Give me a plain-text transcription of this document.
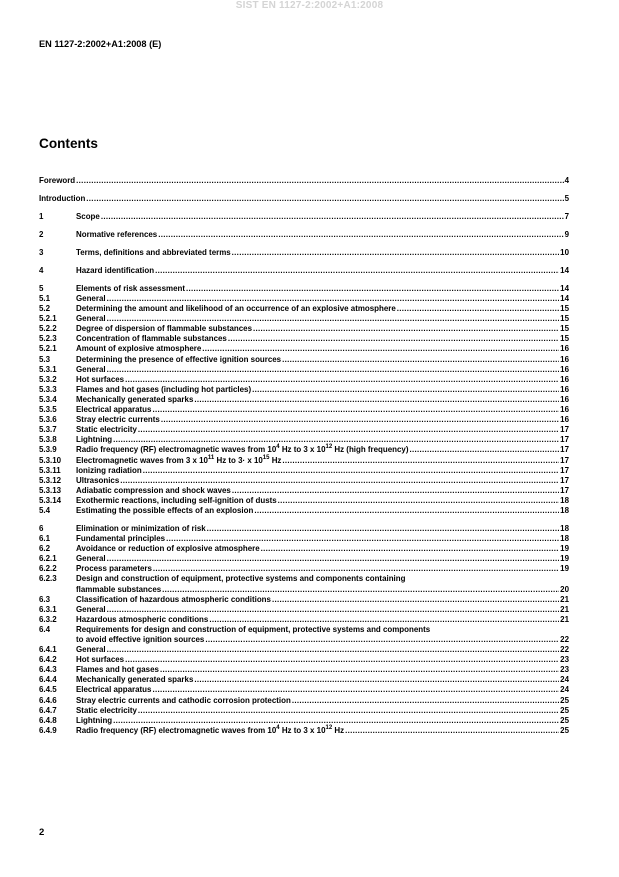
SIST EN 1127-2:2002+A1:2008
EN 1127-2:2002+A1:2008 (E)
Contents
Foreword .....	4
Introduction .....	5
1	Scope .....	7
2	Normative references .....	9
3	Terms, definitions and abbreviated terms .....	10
4	Hazard identification .....	14
5	Elements of risk assessment .....	14
5.1	General .....	14
5.2	Determining the amount and likelihood of an occurrence of an explosive atmosphere .....	15
5.2.1	General .....	15
5.2.2	Degree of dispersion of flammable substances .....	15
5.2.3	Concentration of flammable substances .....	15
5.2.1	Amount of explosive atmosphere .....	16
5.3	Determining the presence of effective ignition sources .....	16
5.3.1	General .....	16
5.3.2	Hot surfaces .....	16
5.3.3	Flames and hot gases (including hot particles) .....	16
5.3.4	Mechanically generated sparks .....	16
5.3.5	Electrical apparatus .....	16
5.3.6	Stray electric currents .....	16
5.3.7	Static electricity .....	17
5.3.8	Lightning .....	17
5.3.9	Radio frequency (RF) electromagnetic waves from $10^4$ Hz to 3 x $10^{12}$ Hz (high frequency) .....	17
5.3.10	Electromagnetic waves from 3 x $10^{11}$ Hz to 3· x $10^{15}$ Hz .....	17
5.3.11	Ionizing radiation .....	17
5.3.12	Ultrasonics .....	17
5.3.13	Adiabatic compression and shock waves .....	17
5.3.14	Exothermic reactions, including self-ignition of dusts .....	18
5.4	Estimating the possible effects of an explosion .....	18
6	Elimination or minimization of risk .....	18
6.1	Fundamental principles .....	18
6.2	Avoidance or reduction of explosive atmosphere .....	19
6.2.1	General .....	19
6.2.2	Process parameters .....	19
6.2.3	Design and construction of equipment, protective systems and components containing
flammable substances .....	20
6.3	Classification of hazardous atmospheric conditions .....	21
6.3.1	General .....	21
6.3.2	Hazardous atmospheric conditions .....	21
6.4	Requirements for design and construction of equipment, protective systems and components
to avoid effective ignition sources .....	22
6.4.1	General .....	22
6.4.2	Hot surfaces .....	23
6.4.3	Flames and hot gases .....	23
6.4.4	Mechanically generated sparks .....	24
6.4.5	Electrical apparatus .....	24
6.4.6	Stray electric currents and cathodic corrosion protection .....	25
6.4.7	Static electricity .....	25
6.4.8	Lightning .....	25
6.4.9	Radio frequency (RF) electromagnetic waves from $10^4$ Hz to 3 x $10^{12}$ Hz .....	25
2
